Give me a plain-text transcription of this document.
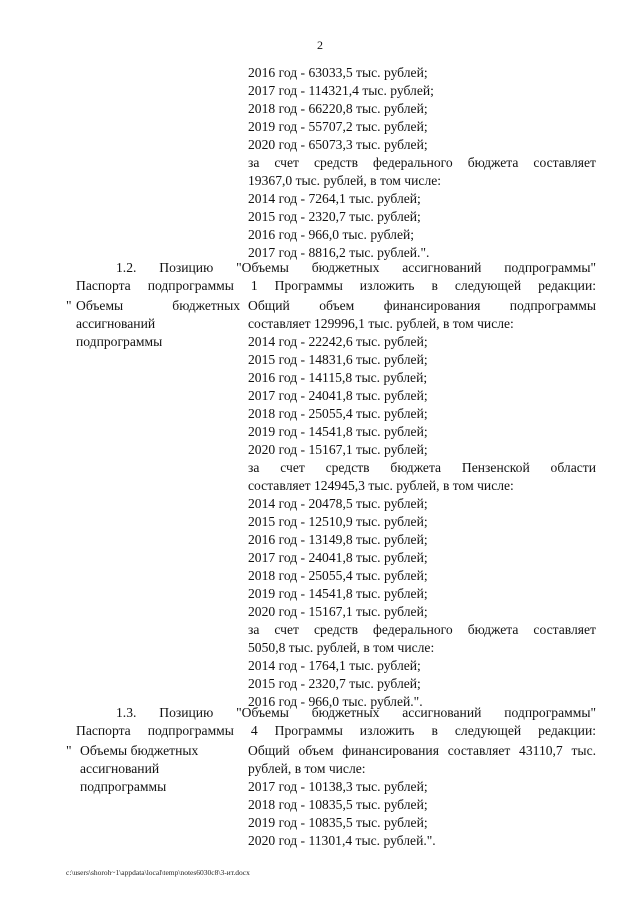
2
2016 год - 63033,5 тыс. рублей;
2017 год - 114321,4 тыс. рублей;
2018 год - 66220,8 тыс. рублей;
2019 год - 55707,2 тыс. рублей;
2020 год - 65073,3 тыс. рублей;
за счет средств федерального бюджета составляет
19367,0 тыс. рублей, в том числе:
2014 год - 7264,1 тыс. рублей;
2015 год - 2320,7 тыс. рублей;
2016 год - 966,0 тыс. рублей;
2017 год - 8816,2 тыс. рублей.".
1.2. Позицию "Объемы бюджетных ассигнований подпрограммы"
Паспорта подпрограммы 1 Программы изложить в следующей редакции:
" Объемы бюджетных
ассигнований
подпрограммы
Общий объем финансирования подпрограммы
составляет 129996,1 тыс. рублей, в том числе:
2014 год - 22242,6 тыс. рублей;
2015 год - 14831,6 тыс. рублей;
2016 год - 14115,8 тыс. рублей;
2017 год - 24041,8 тыс. рублей;
2018 год - 25055,4 тыс. рублей;
2019 год - 14541,8 тыс. рублей;
2020 год - 15167,1 тыс. рублей;
за счет средств бюджета Пензенской области
составляет 124945,3 тыс. рублей, в том числе:
2014 год - 20478,5 тыс. рублей;
2015 год - 12510,9 тыс. рублей;
2016 год - 13149,8 тыс. рублей;
2017 год - 24041,8 тыс. рублей;
2018 год - 25055,4 тыс. рублей;
2019 год - 14541,8 тыс. рублей;
2020 год - 15167,1 тыс. рублей;
за счет средств федерального бюджета составляет
5050,8 тыс. рублей, в том числе:
2014 год - 1764,1 тыс. рублей;
2015 год - 2320,7 тыс. рублей;
2016 год - 966,0 тыс. рублей.".
1.3. Позицию "Объемы бюджетных ассигнований подпрограммы"
Паспорта подпрограммы 4 Программы изложить в следующей редакции:
" Объемы бюджетных
ассигнований
подпрограммы
Общий объем финансирования составляет 43110,7 тыс.
рублей, в том числе:
2017 год - 10138,3 тыс. рублей;
2018 год - 10835,5 тыс. рублей;
2019 год - 10835,5 тыс. рублей;
2020 год - 11301,4 тыс. рублей.".
c:\users\shoroh~1\appdata\local\temp\notes6030c8\3-ит.docx
